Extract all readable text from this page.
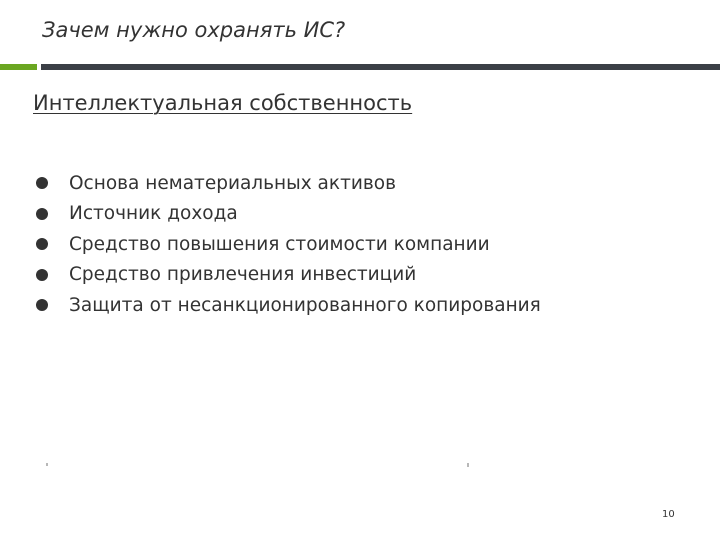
Зачем нужно охранять ИС?
Интеллектуальная собственность
Основа нематериальных активов
Источник дохода
Средство повышения стоимости компании
Средство привлечения инвестиций
Защита от несанкционированного копирования
10
